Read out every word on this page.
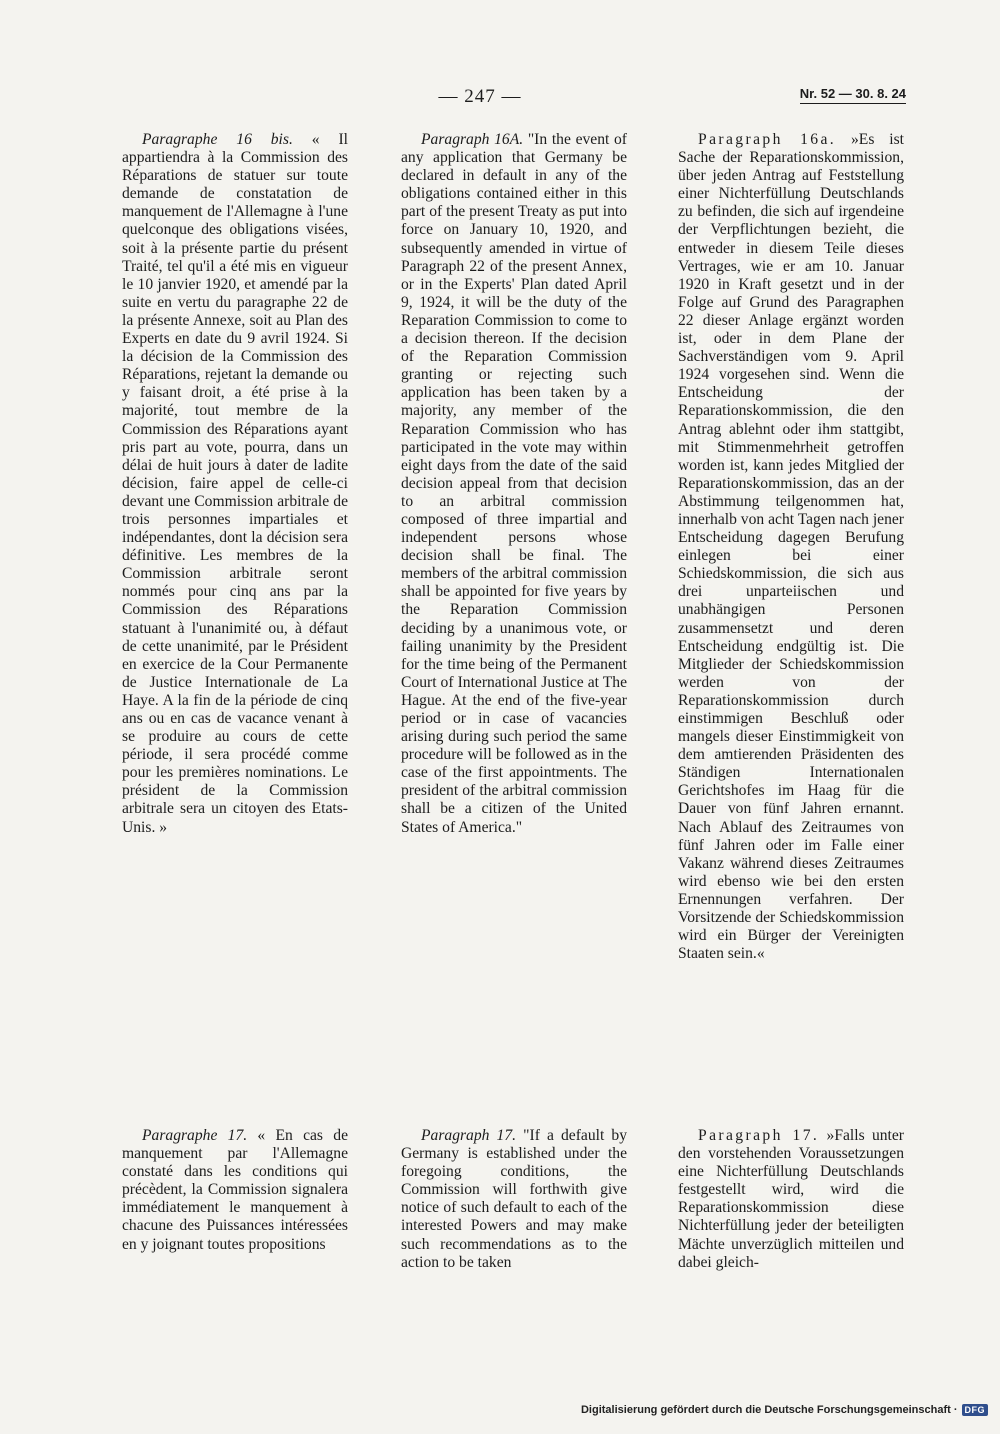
— 247 —	Nr. 52 — 30. 8. 24

Paragraphe 16 bis. « Il appartiendra à la Commission des Réparations de statuer sur toute demande de constatation de manquement de l'Allemagne à l'une quelconque des obligations visées, soit à la présente partie du présent Traité, tel qu'il a été mis en vigueur le 10 janvier 1920, et amendé par la suite en vertu du paragraphe 22 de la présente Annexe, soit au Plan des Experts en date du 9 avril 1924. Si la décision de la Commission des Réparations, rejetant la demande ou y faisant droit, a été prise à la majorité, tout membre de la Commission des Réparations ayant pris part au vote, pourra, dans un délai de huit jours à dater de ladite décision, faire appel de celle-ci devant une Commission arbitrale de trois personnes impartiales et indépendantes, dont la décision sera définitive. Les membres de la Commission arbitrale seront nommés pour cinq ans par la Commission des Réparations statuant à l'unanimité ou, à défaut de cette unanimité, par le Président en exercice de la Cour Permanente de Justice Internationale de La Haye. A la fin de la période de cinq ans ou en cas de vacance venant à se produire au cours de cette période, il sera procédé comme pour les premières nominations. Le président de la Commission arbitrale sera un citoyen des Etats-Unis. »

Paragraph 16A. "In the event of any application that Germany be declared in default in any of the obligations contained either in this part of the present Treaty as put into force on January 10, 1920, and subsequently amended in virtue of Paragraph 22 of the present Annex, or in the Experts' Plan dated April 9, 1924, it will be the duty of the Reparation Commission to come to a decision thereon. If the decision of the Reparation Commission granting or rejecting such application has been taken by a majority, any member of the Reparation Commission who has participated in the vote may within eight days from the date of the said decision appeal from that decision to an arbitral commission composed of three impartial and independent persons whose decision shall be final. The members of the arbitral commission shall be appointed for five years by the Reparation Commission deciding by a unanimous vote, or failing unanimity by the President for the time being of the Permanent Court of International Justice at The Hague. At the end of the five-year period or in case of vacancies arising during such period the same procedure will be followed as in the case of the first appointments. The president of the arbitral commission shall be a citizen of the United States of America."

Paragraph 16a. »Es ist Sache der Reparationskommission, über jeden Antrag auf Feststellung einer Nichterfüllung Deutschlands zu befinden, die sich auf irgendeine der Verpflichtungen bezieht, die entweder in diesem Teile dieses Vertrages, wie er am 10. Januar 1920 in Kraft gesetzt und in der Folge auf Grund des Paragraphen 22 dieser Anlage ergänzt worden ist, oder in dem Plane der Sachverständigen vom 9. April 1924 vorgesehen sind. Wenn die Entscheidung der Reparationskommission, die den Antrag ablehnt oder ihm stattgibt, mit Stimmenmehrheit getroffen worden ist, kann jedes Mitglied der Reparationskommission, das an der Abstimmung teilgenommen hat, innerhalb von acht Tagen nach jener Entscheidung dagegen Berufung einlegen bei einer Schiedskommission, die sich aus drei unparteiischen und unabhängigen Personen zusammensetzt und deren Entscheidung endgültig ist. Die Mitglieder der Schiedskommission werden von der Reparationskommission durch einstimmigen Beschluß oder mangels dieser Einstimmigkeit von dem amtierenden Präsidenten des Ständigen Internationalen Gerichtshofes im Haag für die Dauer von fünf Jahren ernannt. Nach Ablauf des Zeitraumes von fünf Jahren oder im Falle einer Vakanz während dieses Zeitraumes wird ebenso wie bei den ersten Ernennungen verfahren. Der Vorsitzende der Schiedskommission wird ein Bürger der Vereinigten Staaten sein.«

Paragraphe 17. « En cas de manquement par l'Allemagne constaté dans les conditions qui précèdent, la Commission signalera immédiatement le manquement à chacune des Puissances intéressées en y joignant toutes propositions

Paragraph 17. "If a default by Germany is established under the foregoing conditions, the Commission will forthwith give notice of such default to each of the interested Powers and may make such recommendations as to the action to be taken

Paragraph 17. »Falls unter den vorstehenden Voraussetzungen eine Nichterfüllung Deutschlands festgestellt wird, wird die Reparationskommission diese Nichterfüllung jeder der beteiligten Mächte unverzüglich mitteilen und dabei gleich-

Digitalisierung gefördert durch die Deutsche Forschungsgemeinschaft · DFG
